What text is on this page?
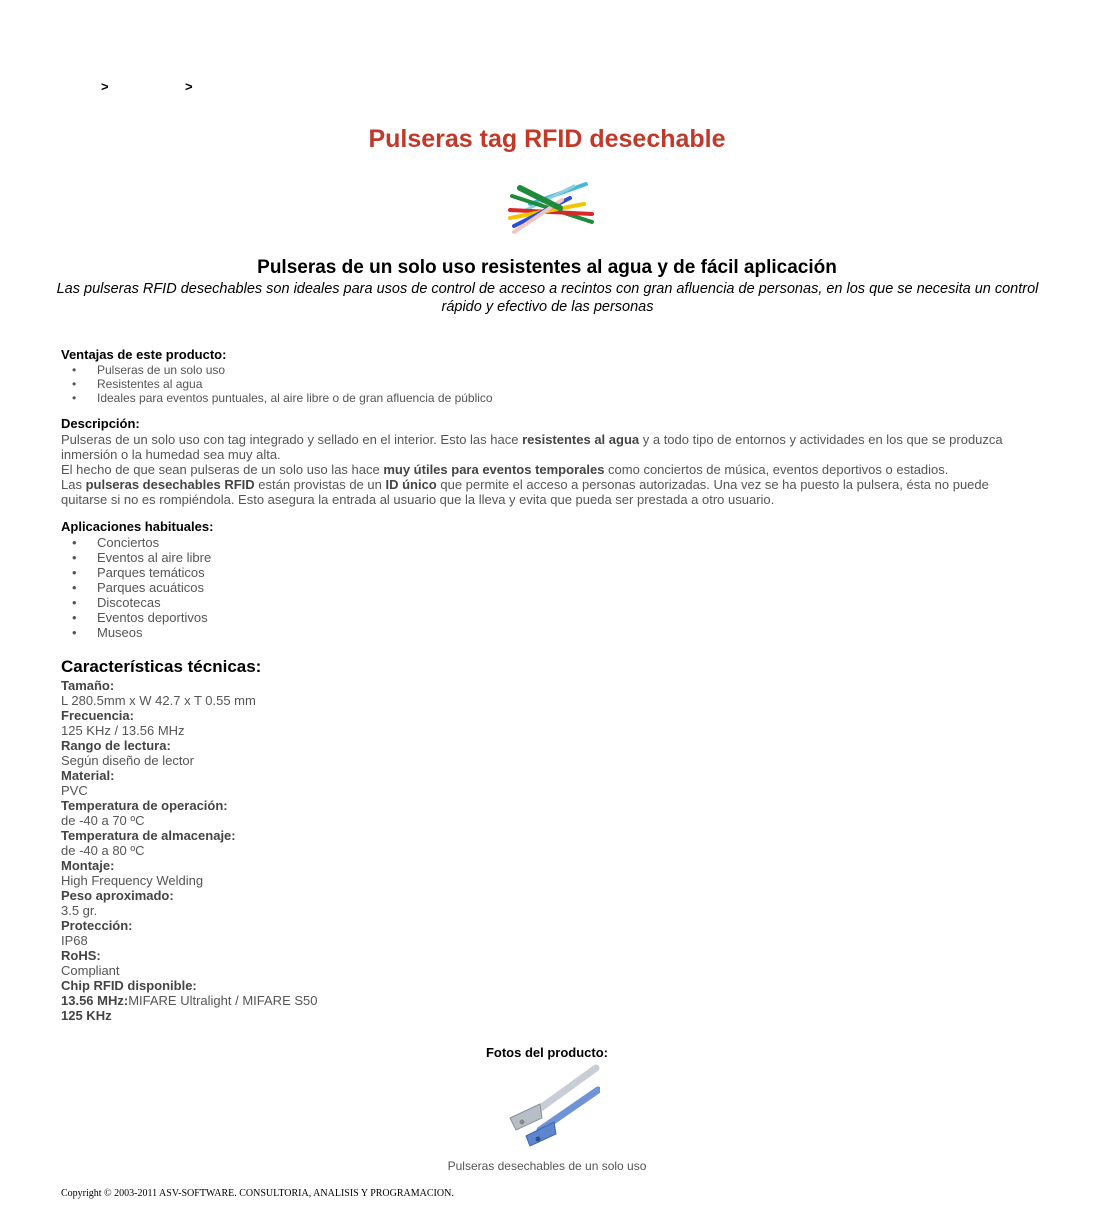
>	>
Pulseras tag RFID desechable
Pulseras de un solo uso resistentes al agua y de fácil aplicación

Las pulseras RFID desechables son ideales para usos de control de acceso a recintos con gran afluencia de personas, en los que se necesita un control rápido y efectivo de las personas

Ventajas de este producto:

• Pulseras de un solo uso
• Resistentes al agua
• Ideales para eventos puntuales, al aire libre o de gran afluencia de público

Descripción:

Pulseras de un solo uso con tag integrado y sellado en el interior. Esto las hace resistentes al agua y a todo tipo de entornos y actividades en los que se produzca inmersión o la humedad sea muy alta.
El hecho de que sean pulseras de un solo uso las hace muy útiles para eventos temporales como conciertos de música, eventos deportivos o estadios.
Las pulseras desechables RFID están provistas de un ID único que permite el acceso a personas autorizadas. Una vez se ha puesto la pulsera, ésta no puede quitarse si no es rompiéndola. Esto asegura la entrada al usuario que la lleva y evita que pueda ser prestada a otro usuario.

Aplicaciones habituales:

• Conciertos
• Eventos al aire libre
• Parques temáticos
• Parques acuáticos
• Discotecas
• Eventos deportivos
• Museos

Características técnicas:

Tamaño:
L 280.5mm x W 42.7 x T 0.55 mm
Frecuencia:
125 KHz / 13.56 MHz
Rango de lectura:
Según diseño de lector
Material:
PVC
Temperatura de operación:
de -40 a 70 ºC
Temperatura de almacenaje:
de -40 a 80 ºC
Montaje:
High Frequency Welding
Peso aproximado:
3.5 gr.
Protección:
IP68
RoHS:
Compliant
Chip RFID disponible:
13.56 MHz:MIFARE Ultralight / MIFARE S50
125 KHz
Fotos del producto:
Pulseras desechables de un solo uso
Copyright © 2003-2011 ASV-SOFTWARE. CONSULTORIA, ANALISIS Y PROGRAMACION.
